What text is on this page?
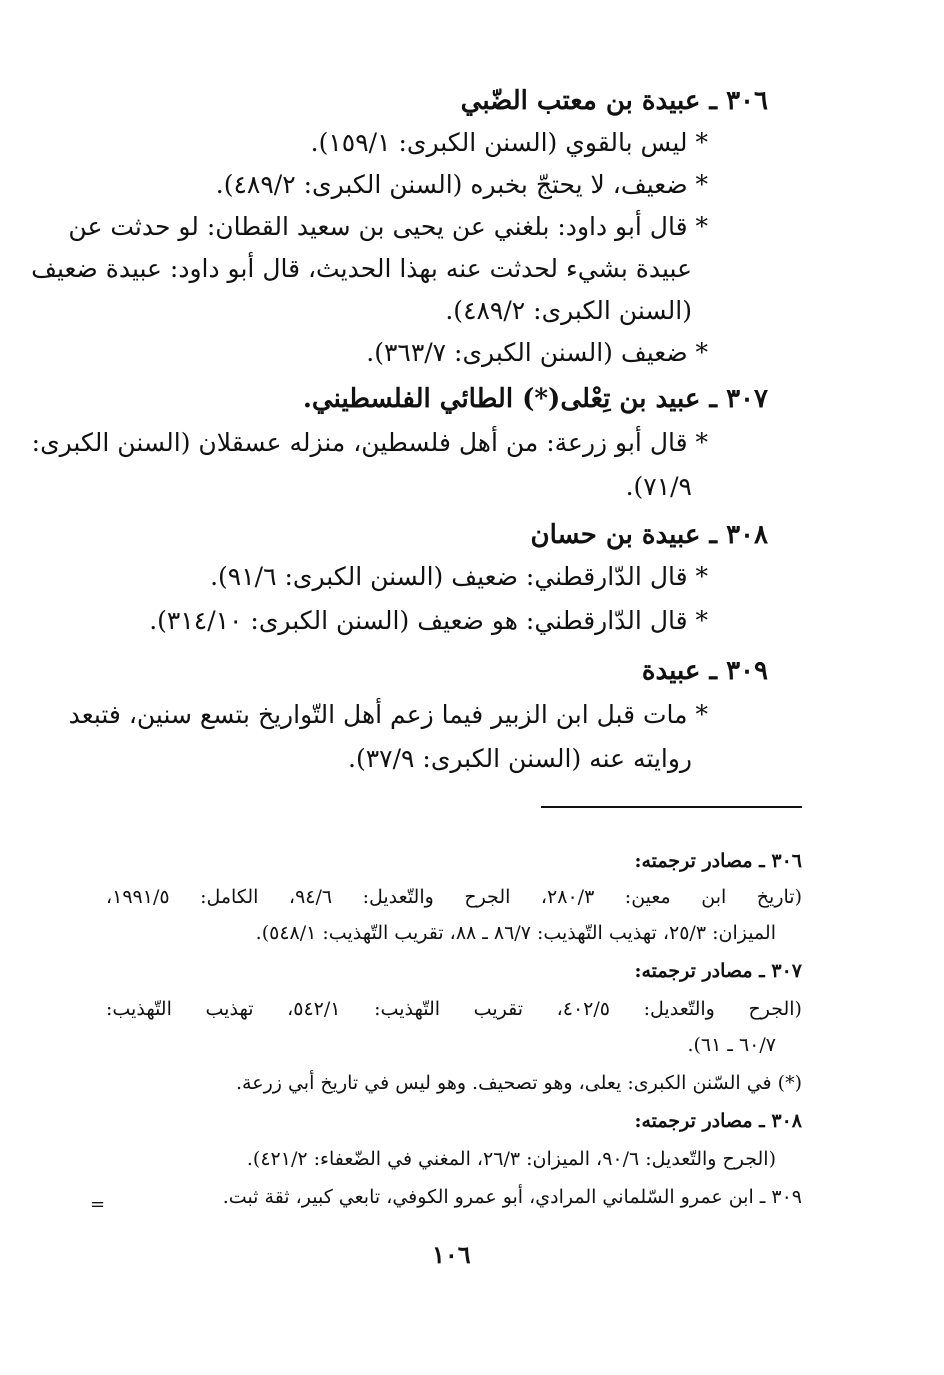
٣٠٦ ـ عبيدة بن معتب الضّبي
* ليس بالقوي (السنن الكبرى: ١٥٩/١).
* ضعيف، لا يحتجّ بخبره (السنن الكبرى: ٤٨٩/٢).
* قال أبو داود: بلغني عن يحيى بن سعيد القطان: لو حدثت عن
عبيدة بشيء لحدثت عنه بهذا الحديث، قال أبو داود: عبيدة ضعيف
(السنن الكبرى: ٤٨٩/٢).
* ضعيف (السنن الكبرى: ٣٦٣/٧).
٣٠٧ ـ عبيد بن تِعْلى(*) الطائي الفلسطيني.
* قال أبو زرعة: من أهل فلسطين، منزله عسقلان (السنن الكبرى:
٧١/٩).
٣٠٨ ـ عبيدة بن حسان
* قال الدّارقطني: ضعيف (السنن الكبرى: ٩١/٦).
* قال الدّارقطني: هو ضعيف (السنن الكبرى: ٣١٤/١٠).
٣٠٩ ـ عبيدة
* مات قبل ابن الزبير فيما زعم أهل التّواريخ بتسع سنين، فتبعد
روايته عنه (السنن الكبرى: ٣٧/٩).
٣٠٦ ـ مصادر ترجمته:
(تاريخ ابن معين: ٢٨٠/٣، الجرح والتّعديل: ٩٤/٦، الكامل: ١٩٩١/٥،
الميزان: ٢٥/٣، تهذيب التّهذيب: ٨٦/٧ ـ ٨٨، تقريب التّهذيب: ٥٤٨/١).
٣٠٧ ـ مصادر ترجمته:
(الجرح والتّعديل: ٤٠٢/٥، تقريب التّهذيب: ٥٤٢/١، تهذيب التّهذيب:
٦٠/٧ ـ ٦١).
(*) في السّنن الكبرى: يعلى، وهو تصحيف. وهو ليس في تاريخ أبي زرعة.
٣٠٨ ـ مصادر ترجمته:
(الجرح والتّعديل: ٩٠/٦، الميزان: ٢٦/٣، المغني في الضّعفاء: ٤٢١/٢).
٣٠٩ ـ ابن عمرو السّلماني المرادي، أبو عمرو الكوفي، تابعي كبير، ثقة ثبت.
=
١٠٦
